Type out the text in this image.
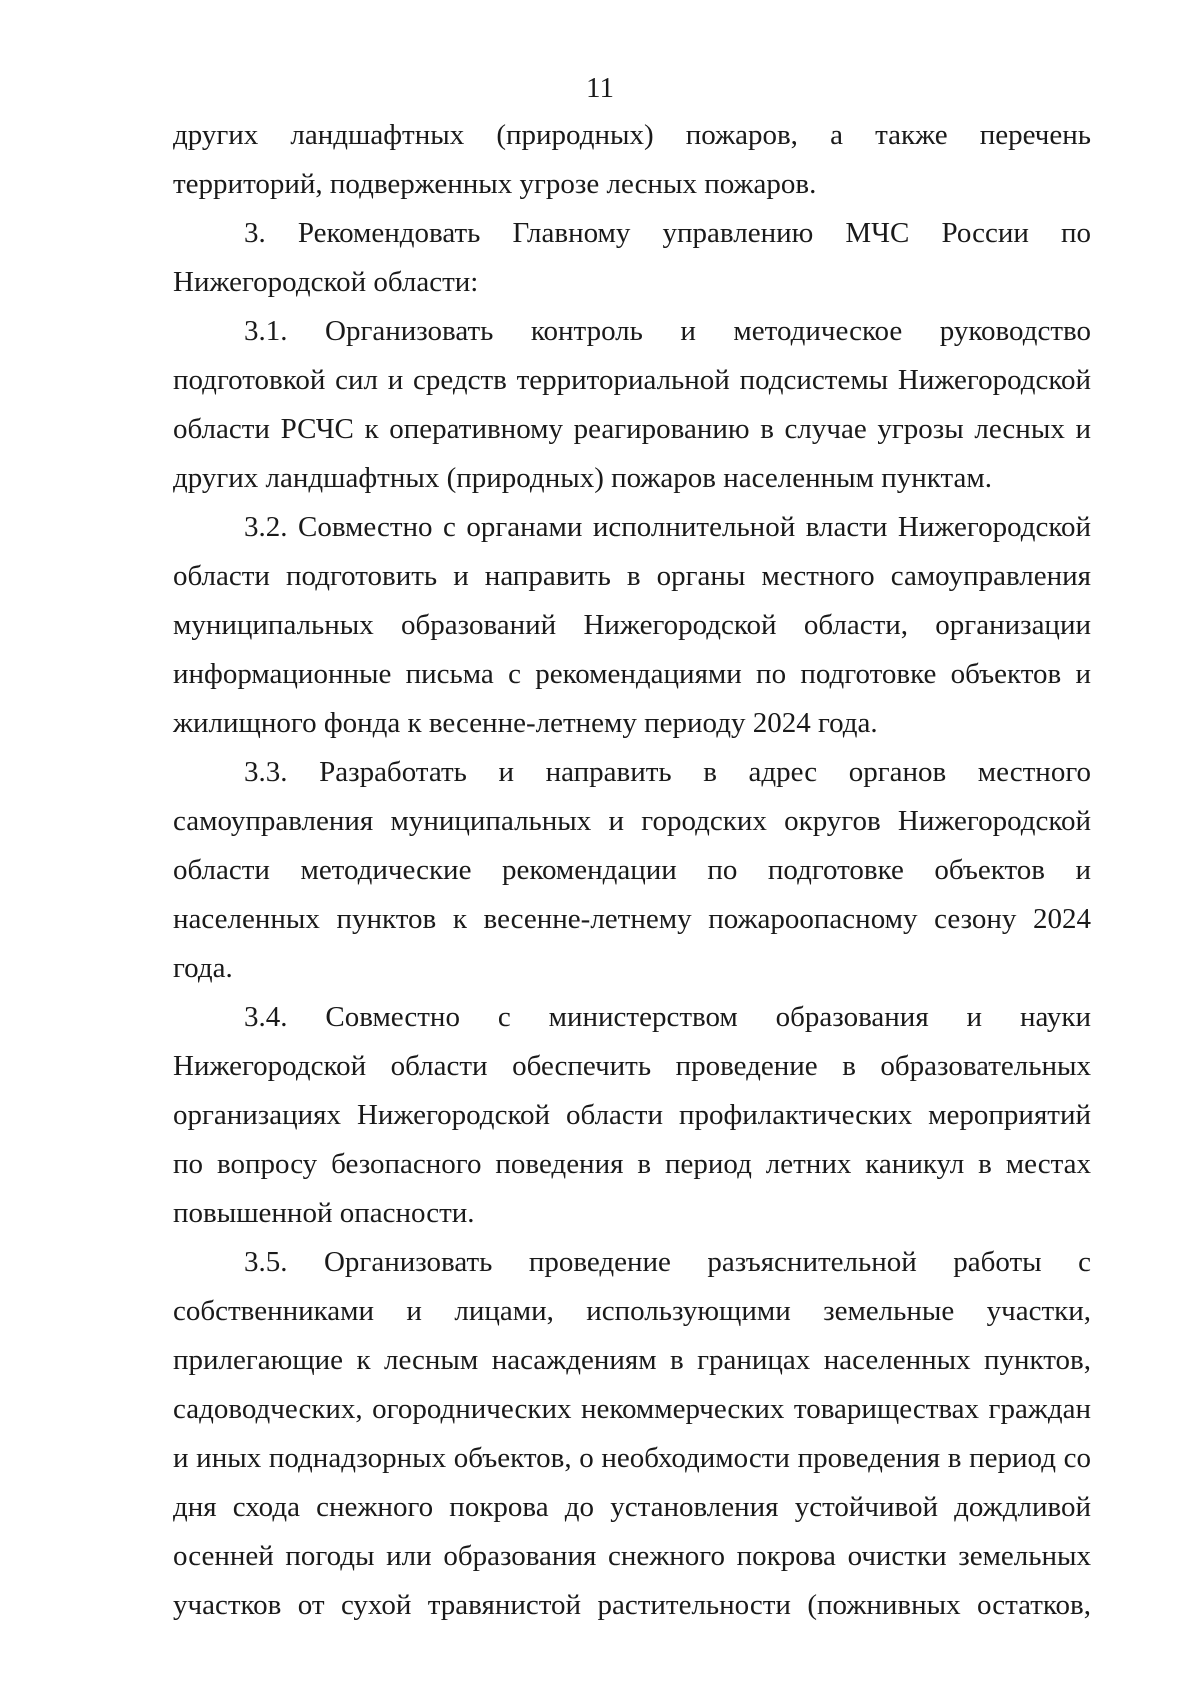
11

других ландшафтных (природных) пожаров, а также перечень территорий, подверженных угрозе лесных пожаров.

3. Рекомендовать Главному управлению МЧС России по Нижегородской области:

3.1. Организовать контроль и методическое руководство подготовкой сил и средств территориальной подсистемы Нижегородской области РСЧС к оперативному реагированию в случае угрозы лесных и других ландшафтных (природных) пожаров населенным пунктам.

3.2. Совместно с органами исполнительной власти Нижегородской области подготовить и направить в органы местного самоуправления муниципальных образований Нижегородской области, организации информационные письма с рекомендациями по подготовке объектов и жилищного фонда к весенне-летнему периоду 2024 года.

3.3. Разработать и направить в адрес органов местного самоуправления муниципальных и городских округов Нижегородской области методические рекомендации по подготовке объектов и населенных пунктов к весенне-летнему пожароопасному сезону 2024 года.

3.4. Совместно с министерством образования и науки Нижегородской области обеспечить проведение в образовательных организациях Нижегородской области профилактических мероприятий по вопросу безопасного поведения в период летних каникул в местах повышенной опасности.

3.5. Организовать проведение разъяснительной работы с собственниками и лицами, использующими земельные участки, прилегающие к лесным насаждениям в границах населенных пунктов, садоводческих, огороднических некоммерческих товариществах граждан и иных поднадзорных объектов, о необходимости проведения в период со дня схода снежного покрова до установления устойчивой дождливой осенней погоды или образования снежного покрова очистки земельных участков от сухой травянистой растительности (пожнивных остатков,
